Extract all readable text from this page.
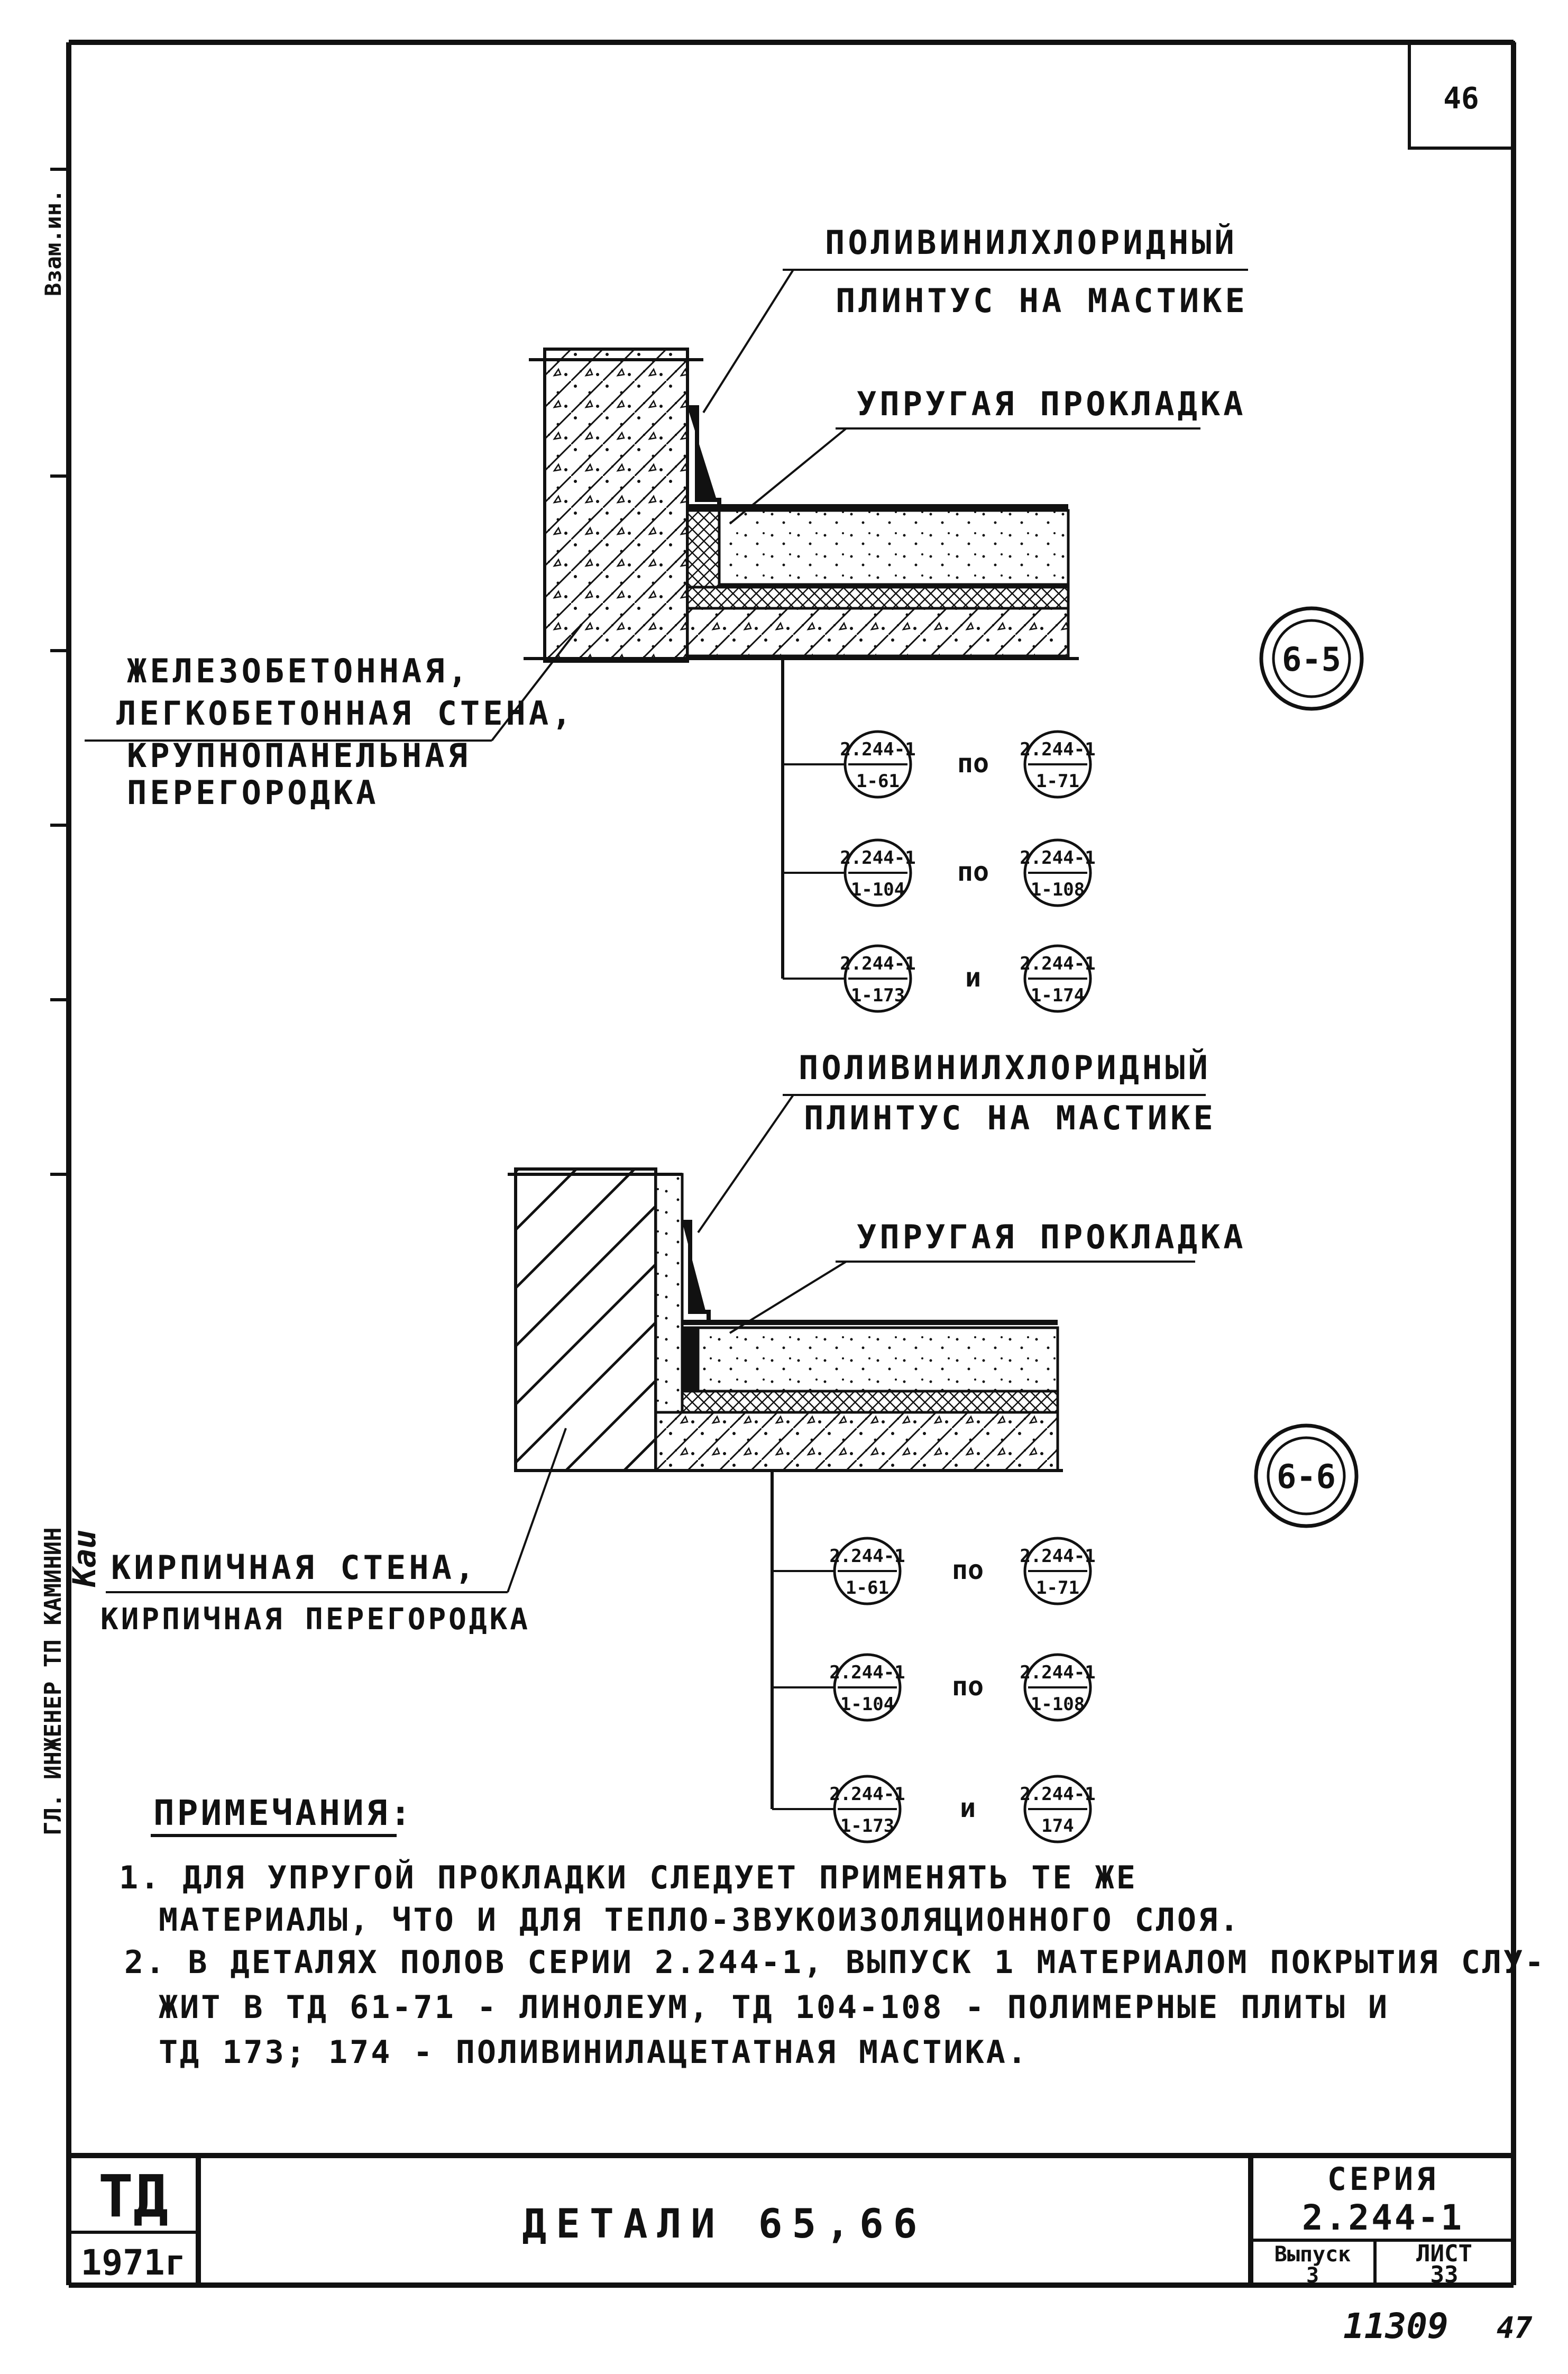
46
Взам.ин.
ГЛ. ИНЖЕНЕР ТП КАМИНИН Kau
ПОЛИВИНИЛХЛОРИДНЫЙ
ПЛИНТУС НА МАСТИКЕ
УПРУГАЯ ПРОКЛАДКА
ЖЕЛЕЗОБЕТОННАЯ,
ЛЕГКОБЕТОННАЯ СТЕНА,
КРУПНОПАНЕЛЬНАЯ
ПЕРЕГОРОДКА
6-5
2.244-1
1-61
по 2.244-1
1-71
2.244-1
1-104
по 2.244-1
1-108
2.244-1
1-173
и 2.244-1
1-174
ПОЛИВИНИЛХЛОРИДНЫЙ
ПЛИНТУС НА МАСТИКЕ
УПРУГАЯ ПРОКЛАДКА
КИРПИЧНАЯ СТЕНА,
КИРПИЧНАЯ ПЕРЕГОРОДКА
6-6
2.244-1
1-61
по 2.244-1
1-71
2.244-1
1-104
по 2.244-1
1-108
2.244-1
1-173
и 2.244-1
174
ПРИМЕЧАНИЯ:
1. ДЛЯ УПРУГОЙ ПРОКЛАДКИ СЛЕДУЕТ ПРИМЕНЯТЬ ТЕ ЖЕ
МАТЕРИАЛЫ, ЧТО И ДЛЯ ТЕПЛО-ЗВУКОИЗОЛЯЦИОННОГО СЛОЯ.
2. В ДЕТАЛЯХ ПОЛОВ СЕРИИ 2.244-1, ВЫПУСК 1 МАТЕРИАЛОМ ПОКРЫТИЯ СЛУ-
ЖИТ В ТД 61-71 - ЛИНОЛЕУМ, ТД 104-108 - ПОЛИМЕРНЫЕ ПЛИТЫ И
ТД 173; 174 - ПОЛИВИНИЛАЦЕТАТНАЯ МАСТИКА.
ТД
1971г
ДЕТАЛИ 65,66
СЕРИЯ
2.244-1
Выпуск
3
ЛИСТ
33
11309 47
